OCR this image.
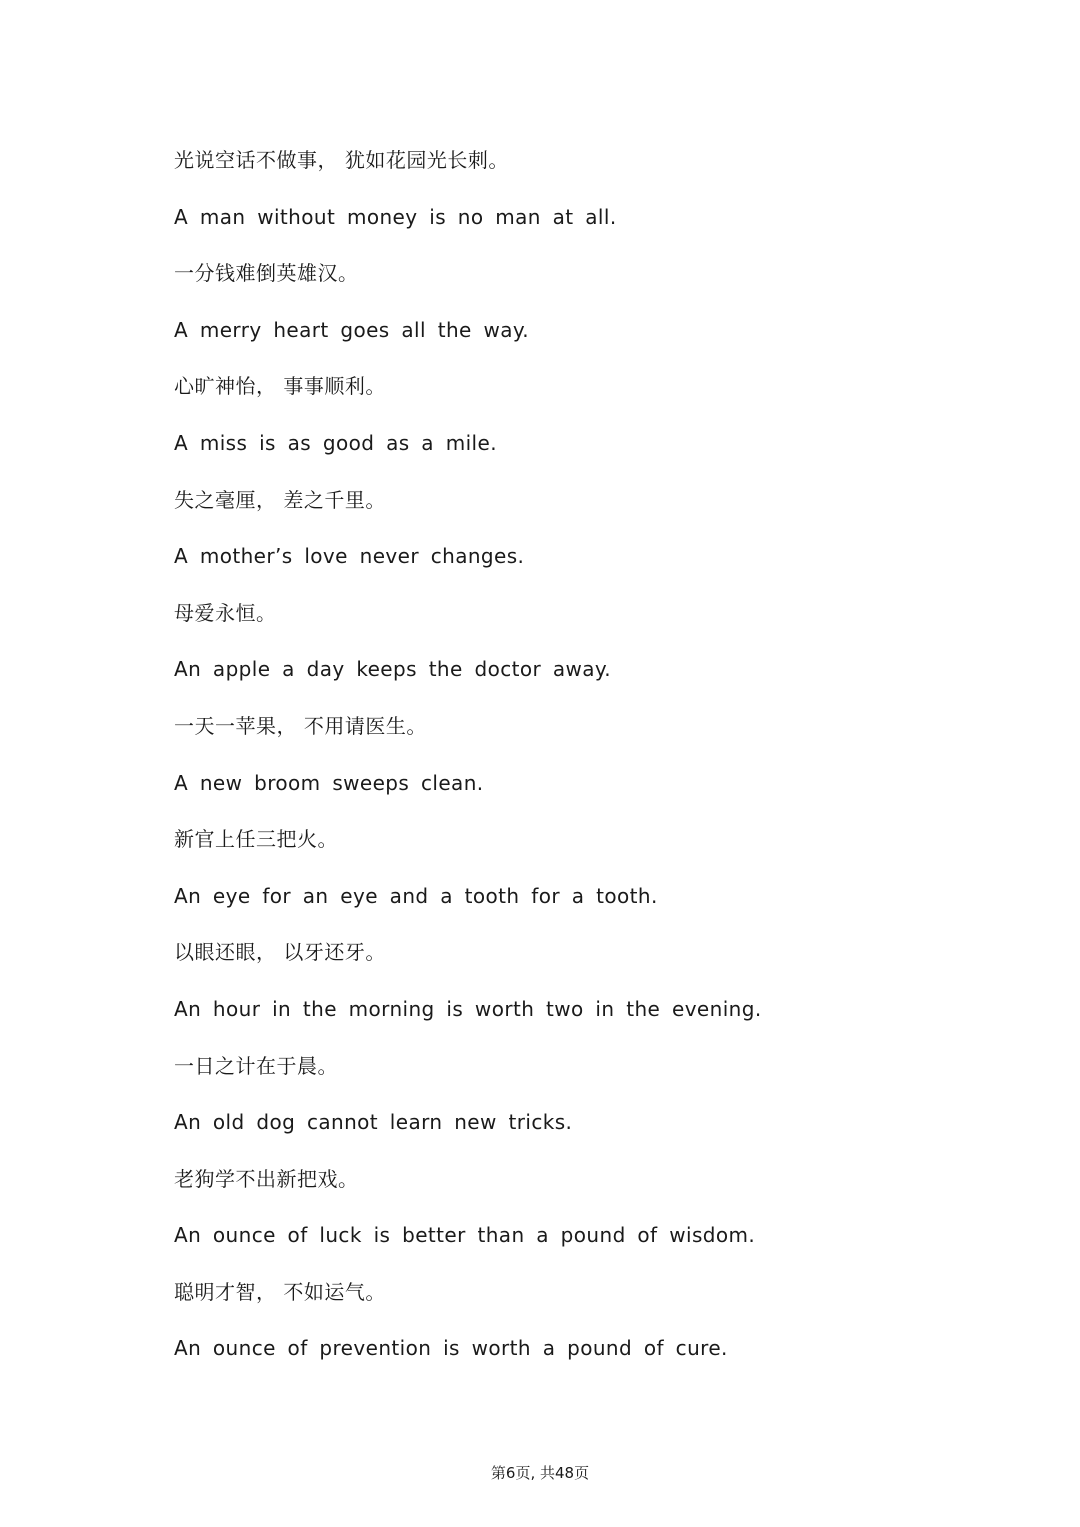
光说空话不做事， 犹如花园光长刺。
A man without money is no man at all.
一分钱难倒英雄汉。
A merry heart goes all the way.
心旷神怡， 事事顺利。
A miss is as good as a mile.
失之毫厘， 差之千里。
A mother’s love never changes.
母爱永恒。
An apple a day keeps the doctor away.
一天一苹果， 不用请医生。
A new broom sweeps clean.
新官上任三把火。
An eye for an eye and a tooth for a tooth.
以眼还眼， 以牙还牙。
An hour in the morning is worth two in the evening.
一日之计在于晨。
An old dog cannot learn new tricks.
老狗学不出新把戏。
An ounce of luck is better than a pound of wisdom.
聪明才智， 不如运气。
An ounce of prevention is worth a pound of cure.
第6页, 共48页
